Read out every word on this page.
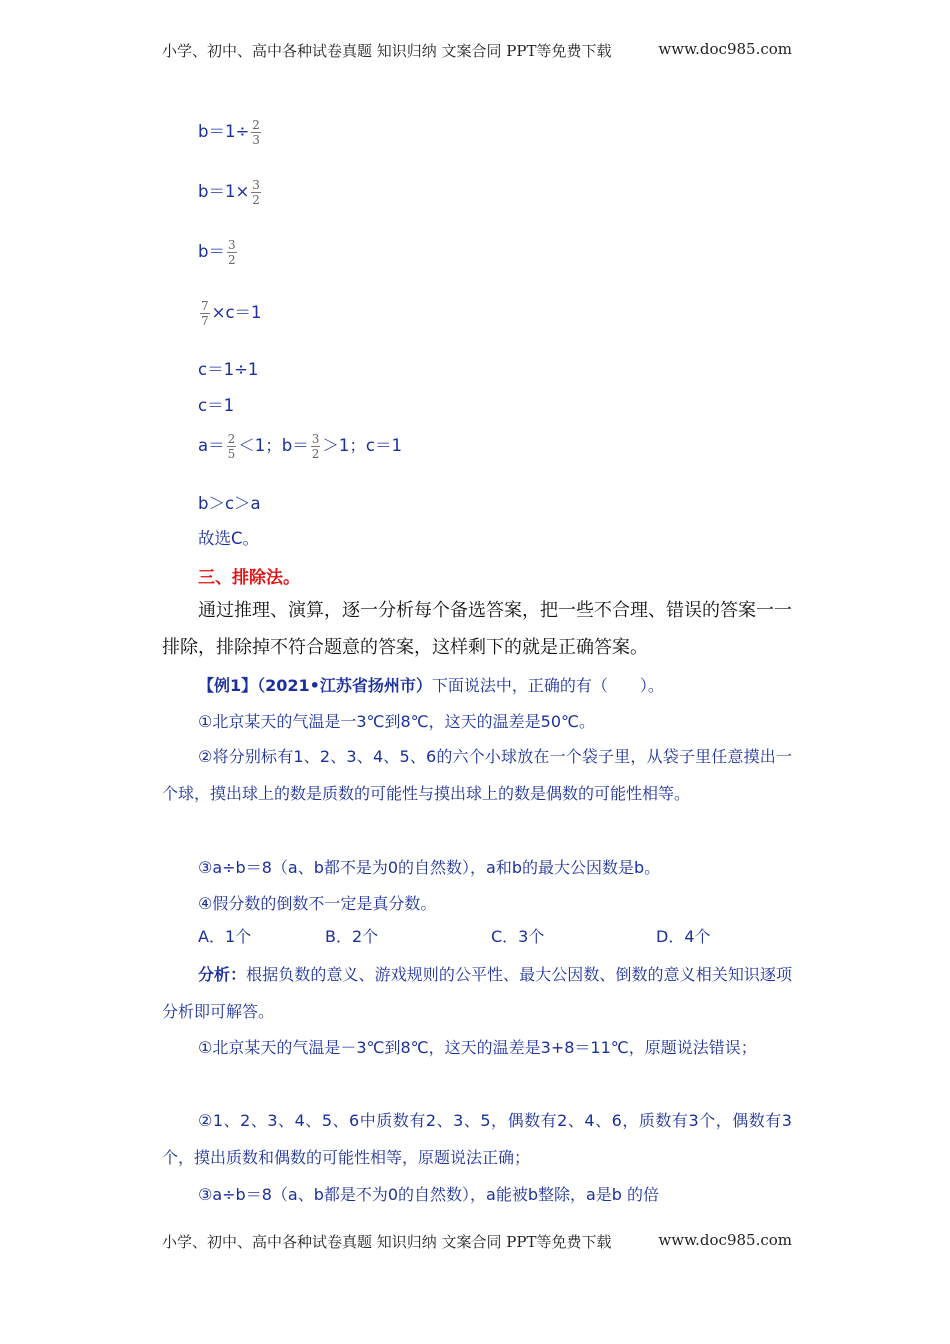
小学、初中、高中各种试卷真题 知识归纳 文案合同 PPT等免费下载	www.doc985.com
$b=1\div \frac{2}{3}$
$b=1\times \frac{3}{2}$
$b= \frac{3}{2}$
$\frac{7}{7} \times c=1$
c＝1÷1
c＝1
$a= \frac{2}{5} <1$；$b= \frac{3}{2} >1$；c＝1
b＞c＞a
故选C。
三、排除法。
通过推理、演算，逐一分析每个备选答案，把一些不合理、错误的答案一一排除，排除掉不符合题意的答案，这样剩下的就是正确答案。
【例1】（2021•江苏省扬州市）下面说法中，正确的有（　　）。
①北京某天的气温是一3℃到8℃，这天的温差是50℃。
②将分别标有1、2、3、4、5、6的六个小球放在一个袋子里，从袋子里任意摸出一个球，摸出球上的数是质数的可能性与摸出球上的数是偶数的可能性相等。
③a÷b＝8（a、b都不是为0的自然数），a和b的最大公因数是b。
④假分数的倒数不一定是真分数。
A．1个	B．2个	C．3个	D．4个
分析：根据负数的意义、游戏规则的公平性、最大公因数、倒数的意义相关知识逐项分析即可解答。
①北京某天的气温是－3℃到8℃，这天的温差是3+8＝11℃，原题说法错误；
②1、2、3、4、5、6中质数有2、3、5，偶数有2、4、6，质数有3个，偶数有3个，摸出质数和偶数的可能性相等，原题说法正确；
③a÷b＝8（a、b都是不为0的自然数），a能被b整除，a是b 的倍
小学、初中、高中各种试卷真题 知识归纳 文案合同 PPT等免费下载	www.doc985.com
